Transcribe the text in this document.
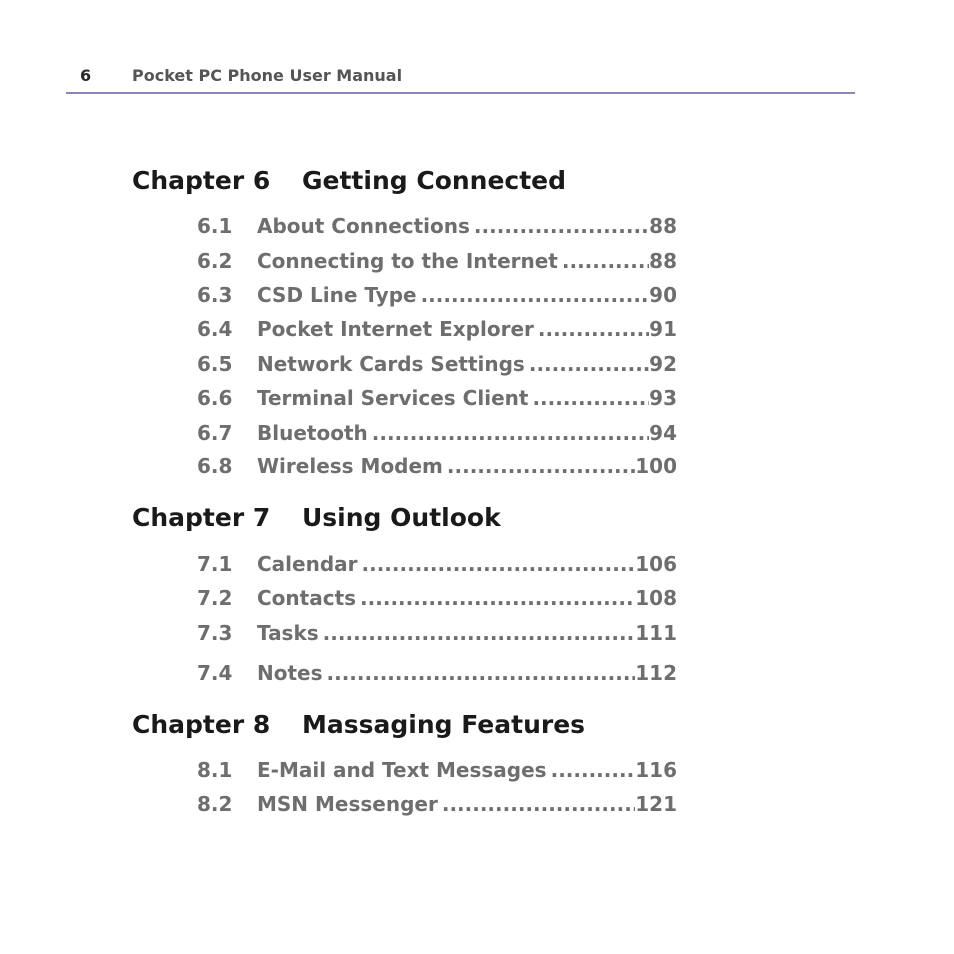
6	Pocket PC Phone User Manual
Chapter 6 Getting Connected
6.1 About Connections .....	88
6.2 Connecting to the Internet .....	88
6.3 CSD Line Type .....	90
6.4 Pocket Internet Explorer .....	91
6.5 Network Cards Settings .....	92
6.6 Terminal Services Client .....	93
6.7 Bluetooth .....	94
6.8 Wireless Modem .....	100
Chapter 7 Using Outlook
7.1 Calendar .....	106
7.2 Contacts .....	108
7.3 Tasks .....	111
7.4 Notes .....	112
Chapter 8 Massaging Features
8.1 E-Mail and Text Messages .....	116
8.2 MSN Messenger .....	121
